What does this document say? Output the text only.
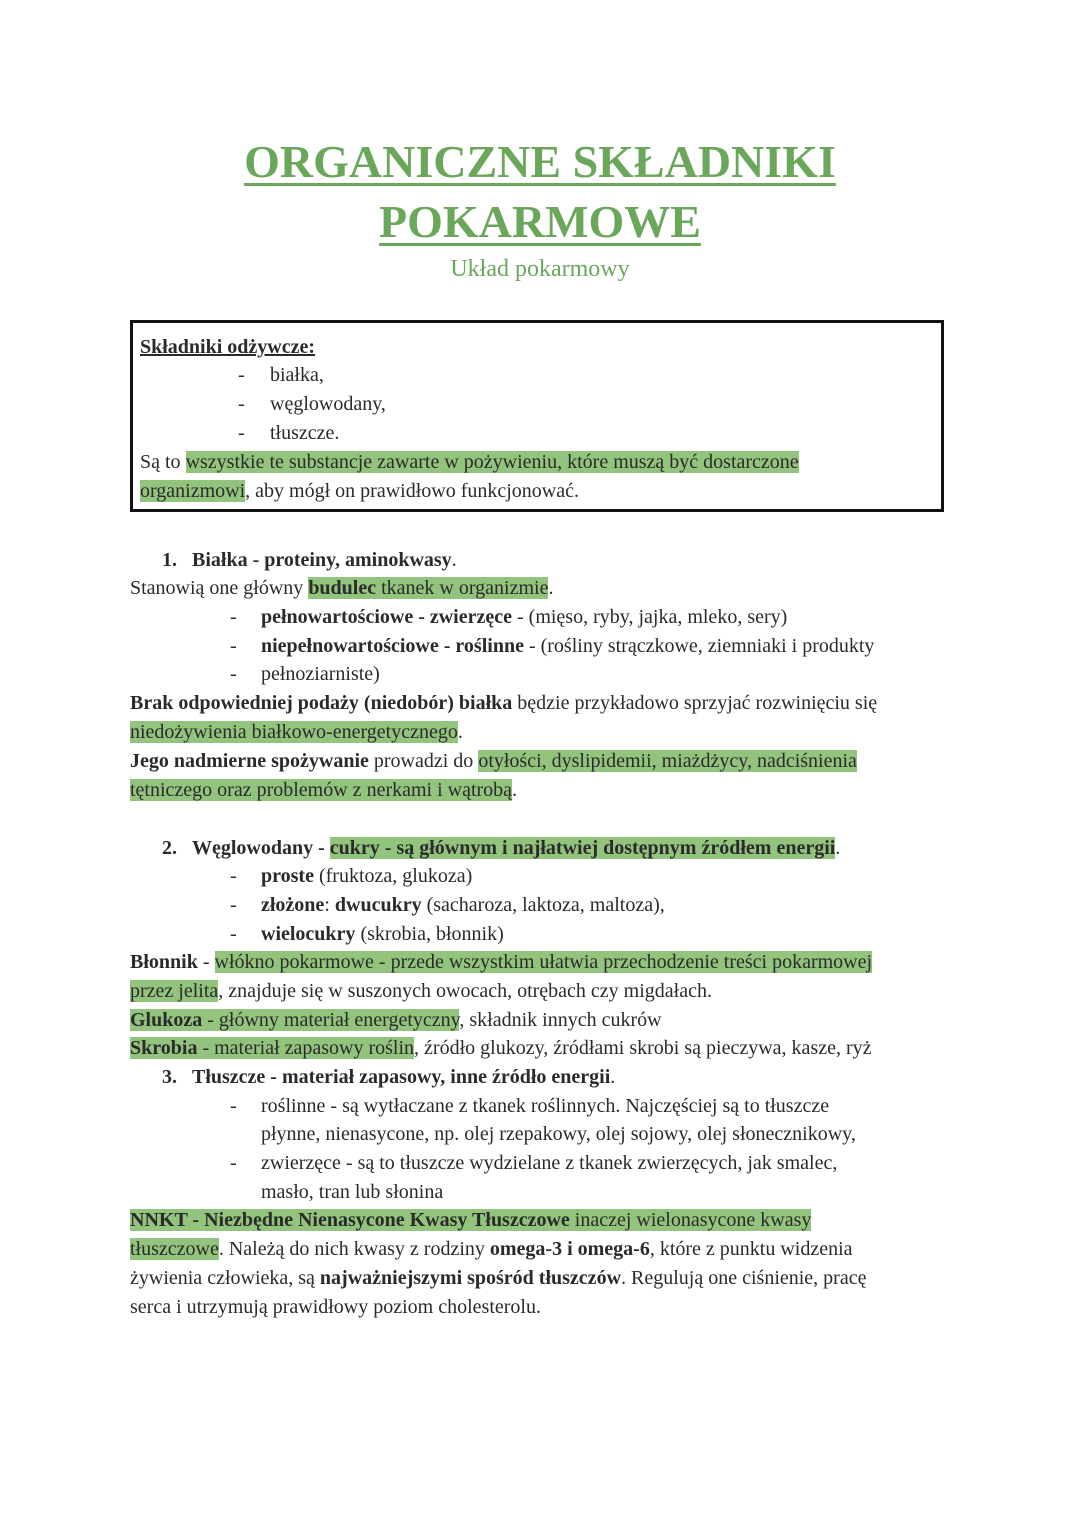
ORGANICZNE SKŁADNIKI
POKARMOWE
Układ pokarmowy
Składniki odżywcze:
- białka,
- węglowodany,
- tłuszcze.
Są to wszystkie te substancje zawarte w pożywieniu, które muszą być dostarczone
organizmowi, aby mógł on prawidłowo funkcjonować.
1. Białka - proteiny, aminokwasy.
Stanowią one główny budulec tkanek w organizmie.
- pełnowartościowe - zwierzęce - (mięso, ryby, jajka, mleko, sery)
- niepełnowartościowe - roślinne - (rośliny strączkowe, ziemniaki i produkty
- pełnoziarniste)
Brak odpowiedniej podaży (niedobór) białka będzie przykładowo sprzyjać rozwinięciu się
niedożywienia białkowo-energetycznego.
Jego nadmierne spożywanie prowadzi do otyłości, dyslipidemii, miażdżycy, nadciśnienia
tętniczego oraz problemów z nerkami i wątrobą.
2. Węglowodany - cukry - są głównym i najłatwiej dostępnym źródłem energii.
- proste (fruktoza, glukoza)
- złożone: dwucukry (sacharoza, laktoza, maltoza),
- wielocukry (skrobia, błonnik)
Błonnik - włókno pokarmowe - przede wszystkim ułatwia przechodzenie treści pokarmowej
przez jelita, znajduje się w suszonych owocach, otrębach czy migdałach.
Glukoza - główny materiał energetyczny, składnik innych cukrów
Skrobia - materiał zapasowy roślin, źródło glukozy, źródłami skrobi są pieczywa, kasze, ryż
3. Tłuszcze - materiał zapasowy, inne źródło energii.
- roślinne - są wytłaczane z tkanek roślinnych. Najczęściej są to tłuszcze
płynne, nienasycone, np. olej rzepakowy, olej sojowy, olej słonecznikowy,
- zwierzęce - są to tłuszcze wydzielane z tkanek zwierzęcych, jak smalec,
masło, tran lub słonina
NNKT - Niezbędne Nienasycone Kwasy Tłuszczowe inaczej wielonasycone kwasy
tłuszczowe. Należą do nich kwasy z rodziny omega-3 i omega-6, które z punktu widzenia
żywienia człowieka, są najważniejszymi spośród tłuszczów. Regulują one ciśnienie, pracę
serca i utrzymują prawidłowy poziom cholesterolu.
